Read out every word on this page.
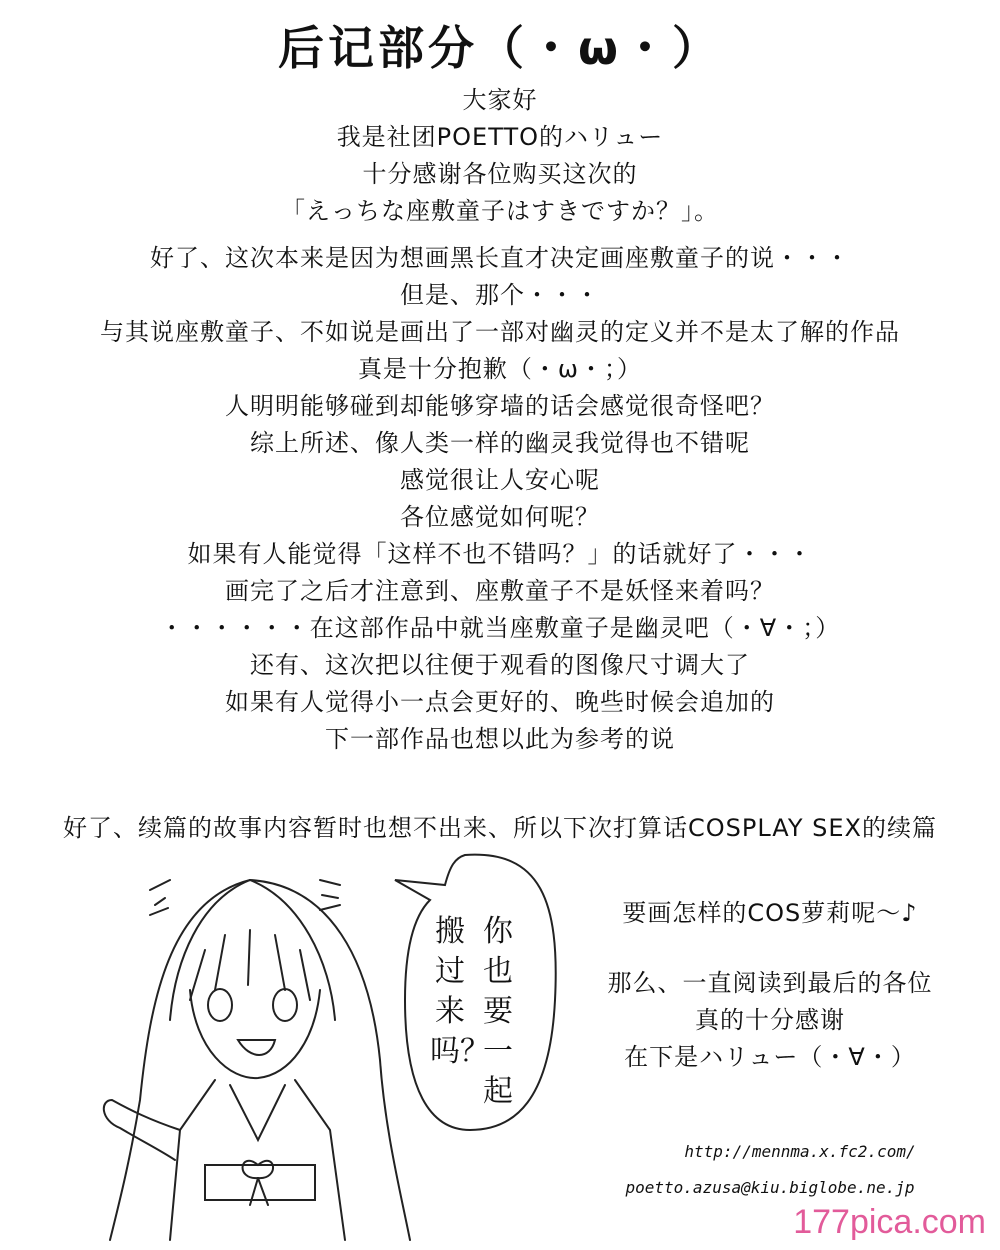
后记部分（・ω・）
大家好
我是社团POETTO的ハリュー
十分感谢各位购买这次的
「えっちな座敷童子はすきですか？」。
好了、这次本来是因为想画黑长直才决定画座敷童子的说・・・
但是、那个・・・
与其说座敷童子、不如说是画出了一部对幽灵的定义并不是太了解的作品
真是十分抱歉（・ω・；）
人明明能够碰到却能够穿墙的话会感觉很奇怪吧？
综上所述、像人类一样的幽灵我觉得也不错呢
感觉很让人安心呢
各位感觉如何呢？
如果有人能觉得「这样不也不错吗？」的话就好了・・・
画完了之后才注意到、座敷童子不是妖怪来着吗？
・・・・・・在这部作品中就当座敷童子是幽灵吧（・∀・；）
还有、这次把以往便于观看的图像尺寸调大了
如果有人觉得小一点会更好的、晚些时候会追加的
下一部作品也想以此为参考的说
好了、续篇的故事内容暂时也想不出来、所以下次打算话COSPLAY SEX的续篇
你也要一起
搬过来吗？
要画怎样的COS萝莉呢～♪
那么、一直阅读到最后的各位
真的十分感谢
在下是ハリュー（・∀・）
http://mennma.x.fc2.com/
poetto.azusa@kiu.biglobe.ne.jp
177pica.com
